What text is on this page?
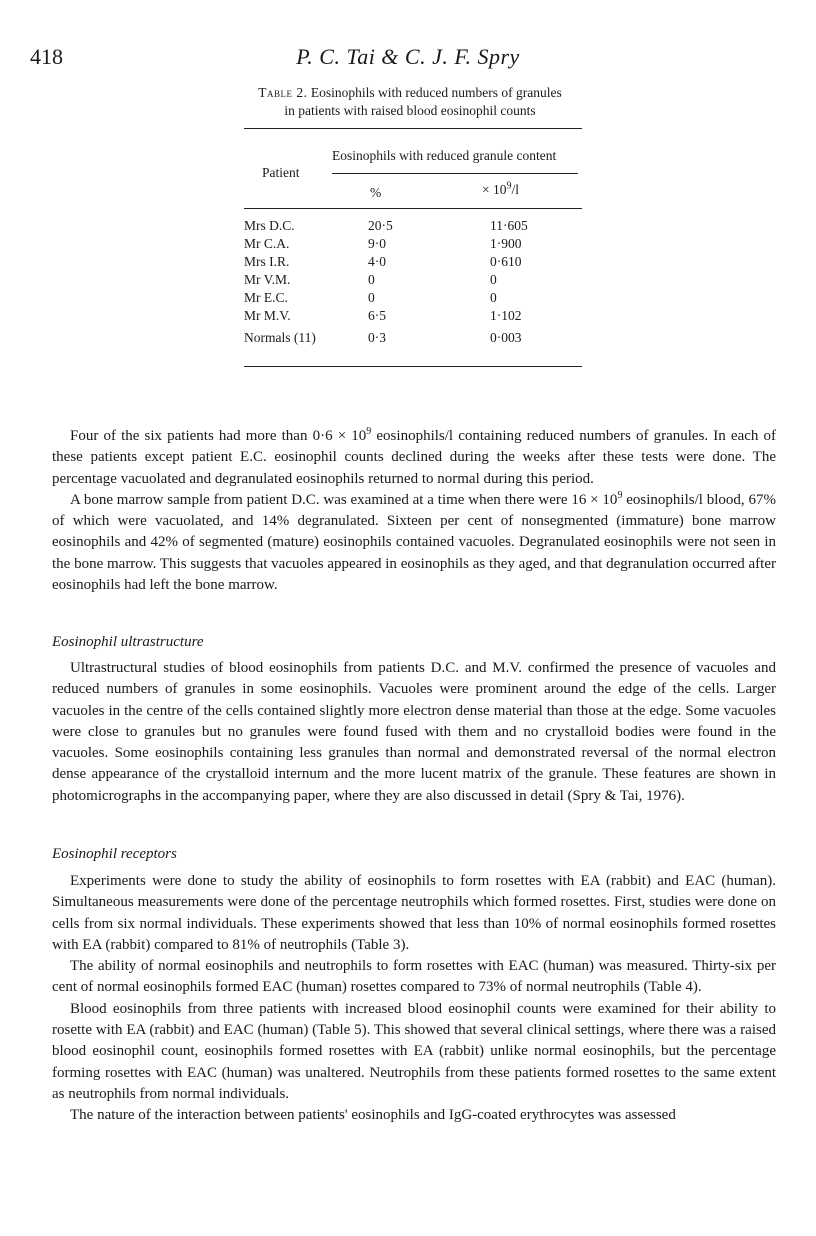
418	P. C. Tai & C. J. F. Spry
Table 2. Eosinophils with reduced numbers of granules
in patients with raised blood eosinophil counts
Patient
Eosinophils with reduced granule content
%	× $10^9/l$
Mrs D.C.	20·5	11·605
Mr C.A.	9·0	1·900
Mrs I.R.	4·0	0·610
Mr V.M.	0	0
Mr E.C.	0	0
Mr M.V.	6·5	1·102
Normals (11)	0·3	0·003

Four of the six patients had more than $0\cdot 6 \times 10^9$ eosinophils/l containing reduced numbers of granules. In each of these patients except patient E.C. eosinophil counts declined during the weeks after these tests were done. The percentage vacuolated and degranulated eosinophils returned to normal during this period.

A bone marrow sample from patient D.C. was examined at a time when there were $16 \times 10^9$ eosinophils/l blood, 67% of which were vacuolated, and 14% degranulated. Sixteen per cent of nonsegmented (immature) bone marrow eosinophils and 42% of segmented (mature) eosinophils contained vacuoles. Degranulated eosinophils were not seen in the bone marrow. This suggests that vacuoles appeared in eosinophils as they aged, and that degranulation occurred after eosinophils had left the bone marrow.

Eosinophil ultrastructure

Ultrastructural studies of blood eosinophils from patients D.C. and M.V. confirmed the presence of vacuoles and reduced numbers of granules in some eosinophils. Vacuoles were prominent around the edge of the cells. Larger vacuoles in the centre of the cells contained slightly more electron dense material than those at the edge. Some vacuoles were close to granules but no granules were found fused with them and no crystalloid bodies were found in the vacuoles. Some eosinophils containing less granules than normal and demonstrated reversal of the normal electron dense appearance of the crystalloid internum and the more lucent matrix of the granule. These features are shown in photomicrographs in the accompanying paper, where they are also discussed in detail (Spry & Tai, 1976).

Eosinophil receptors

Experiments were done to study the ability of eosinophils to form rosettes with EA (rabbit) and EAC (human). Simultaneous measurements were done of the percentage neutrophils which formed rosettes. First, studies were done on cells from six normal individuals. These experiments showed that less than 10% of normal eosinophils formed rosettes with EA (rabbit) compared to 81% of neutrophils (Table 3).

The ability of normal eosinophils and neutrophils to form rosettes with EAC (human) was measured. Thirty-six per cent of normal eosinophils formed EAC (human) rosettes compared to 73% of normal neutrophils (Table 4).

Blood eosinophils from three patients with increased blood eosinophil counts were examined for their ability to rosette with EA (rabbit) and EAC (human) (Table 5). This showed that several clinical settings, where there was a raised blood eosinophil count, eosinophils formed rosettes with EA (rabbit) unlike normal eosinophils, but the percentage forming rosettes with EAC (human) was unaltered. Neutrophils from these patients formed rosettes to the same extent as neutrophils from normal individuals.

The nature of the interaction between patients' eosinophils and IgG-coated erythrocytes was assessed
